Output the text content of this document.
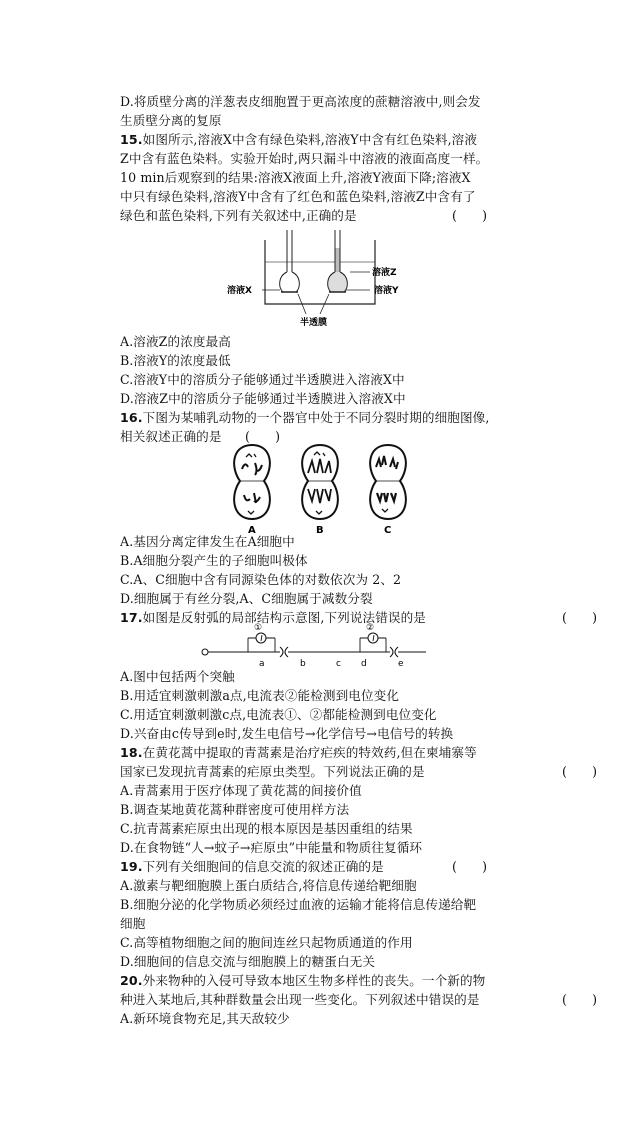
D.将质壁分离的洋葱表皮细胞置于更高浓度的蔗糖溶液中,则会发
生质壁分离的复原
15.如图所示,溶液X中含有绿色染料,溶液Y中含有红色染料,溶液
Z中含有蓝色染料。实验开始时,两只漏斗中溶液的液面高度一样。
10 min后观察到的结果:溶液X液面上升,溶液Y液面下降;溶液X
中只有绿色染料,溶液Y中含有了红色和蓝色染料,溶液Z中含有了
绿色和蓝色染料,下列有关叙述中,正确的是	(　　)
溶液Z
溶液Y
溶液X
半透膜
A.溶液Z的浓度最高
B.溶液Y的浓度最低
C.溶液Y中的溶质分子能够通过半透膜进入溶液X中
D.溶液Z中的溶质分子能够通过半透膜进入溶液X中
16.下图为某哺乳动物的一个器官中处于不同分裂时期的细胞图像,
相关叙述正确的是 (　　)
A	B	C
A.基因分离定律发生在A细胞中
B.A细胞分裂产生的子细胞叫极体
C.A、C细胞中含有同源染色体的对数依次为 2、2
D.细胞属于有丝分裂,A、C细胞属于减数分裂
17.如图是反射弧的局部结构示意图,下列说法错误的是	(　　)
①	②
a	b	c d	e
A.图中包括两个突触
B.用适宜刺激刺激a点,电流表②能检测到电位变化
C.用适宜刺激刺激c点,电流表①、②都能检测到电位变化
D.兴奋由c传导到e时,发生电信号→化学信号→电信号的转换
18.在黄花蒿中提取的青蒿素是治疗疟疾的特效药,但在柬埔寨等
国家已发现抗青蒿素的疟原虫类型。下列说法正确的是	(　　)
A.青蒿素用于医疗体现了黄花蒿的间接价值
B.调查某地黄花蒿种群密度可使用样方法
C.抗青蒿素疟原虫出现的根本原因是基因重组的结果
D.在食物链“人→蚊子→疟原虫”中能量和物质往复循环
19.下列有关细胞间的信息交流的叙述正确的是	(　　)
A.激素与靶细胞膜上蛋白质结合,将信息传递给靶细胞
B.细胞分泌的化学物质必须经过血液的运输才能将信息传递给靶
细胞
C.高等植物细胞之间的胞间连丝只起物质通道的作用
D.细胞间的信息交流与细胞膜上的糖蛋白无关
20.外来物种的入侵可导致本地区生物多样性的丧失。一个新的物
种进入某地后,其种群数量会出现一些变化。下列叙述中错误的是	(　　)
A.新环境食物充足,其天敌较少
